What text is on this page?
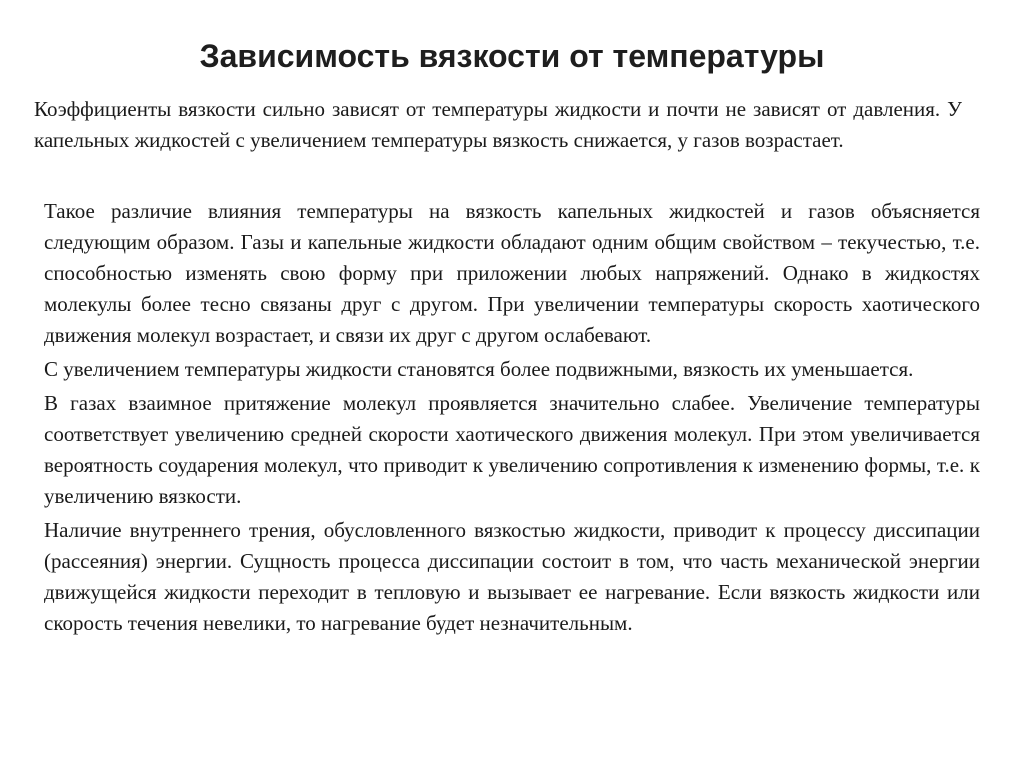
Зависимость вязкости от температуры

Коэффициенты вязкости сильно зависят от температуры жидкости и почти не зависят от давления. У капельных жидкостей с увеличением температуры вязкость снижается, у газов возрастает.

Такое различие влияния температуры на вязкость капельных жидкостей и газов объясняется следующим образом. Газы и капельные жидкости обладают одним общим свойством – текучестью, т.е. способностью изменять свою форму при приложении любых напряжений. Однако в жидкостях молекулы более тесно связаны друг с другом. При увеличении температуры скорость хаотического движения молекул возрастает, и связи их друг с другом ослабевают.

С увеличением температуры жидкости становятся более подвижными, вязкость их уменьшается.

В газах взаимное притяжение молекул проявляется значительно слабее. Увеличение температуры соответствует увеличению средней скорости хаотического движения молекул. При этом увеличивается вероятность соударения молекул, что приводит к увеличению сопротивления к изменению формы, т.е. к увеличению вязкости.

Наличие внутреннего трения, обусловленного вязкостью жидкости, приводит к процессу диссипации (рассеяния) энергии. Сущность процесса диссипации состоит в том, что часть механической энергии движущейся жидкости переходит в тепловую и вызывает ее нагревание. Если вязкость жидкости или скорость течения невелики, то нагревание будет незначительным.
